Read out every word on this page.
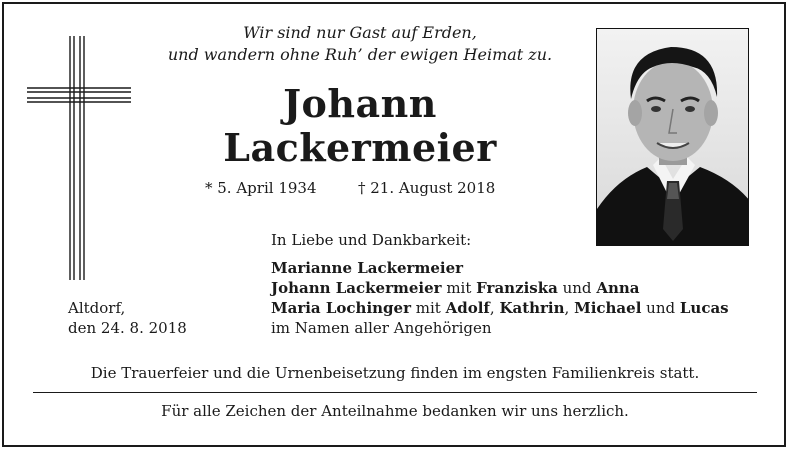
Wir sind nur Gast auf Erden,
und wandern ohne Ruh’ der ewigen Heimat zu.
Johann
Lackermeier
* 5. April 1934	† 21. August 2018
In Liebe und Dankbarkeit:
Marianne Lackermeier
Johann Lackermeier mit Franziska und Anna
Maria Lochinger mit Adolf, Kathrin, Michael und Lucas
im Namen aller Angehörigen
Altdorf,
den 24. 8. 2018
Die Trauerfeier und die Urnenbeisetzung finden im engsten Familienkreis statt.
Für alle Zeichen der Anteilnahme bedanken wir uns herzlich.
